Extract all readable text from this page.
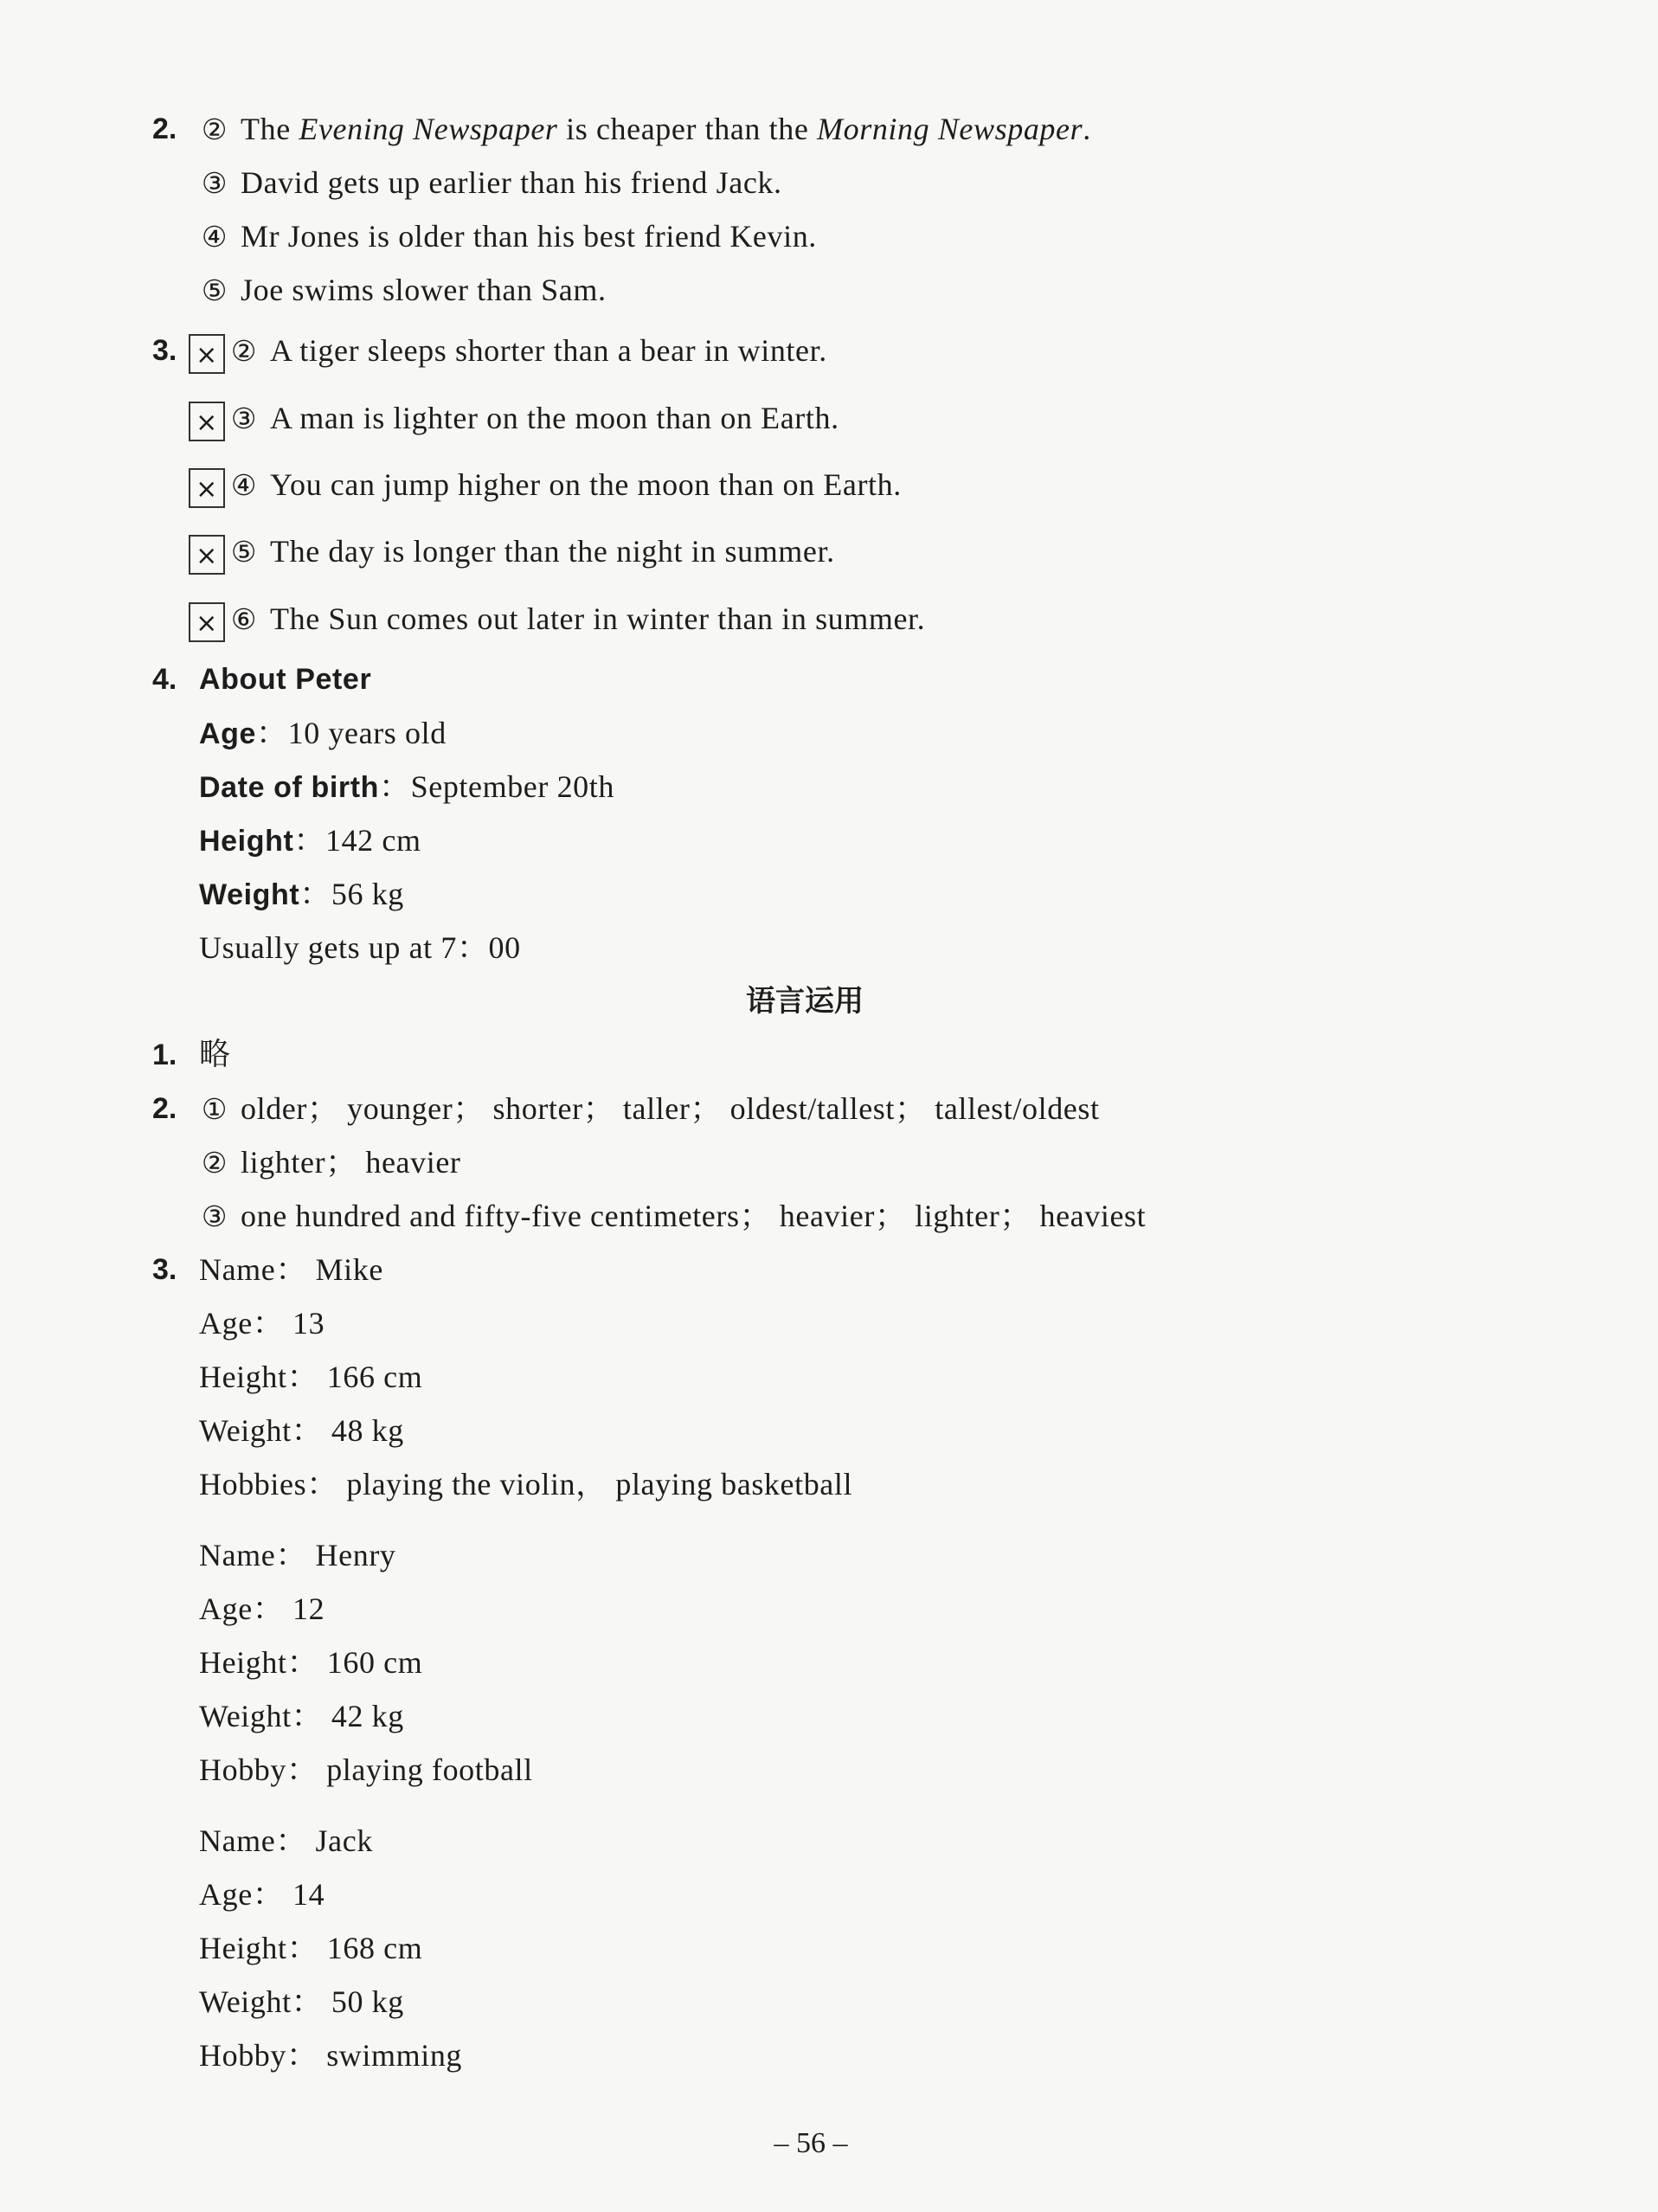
2. ② The Evening Newspaper is cheaper than the Morning Newspaper.
③ David gets up earlier than his friend Jack.
④ Mr Jones is older than his best friend Kevin.
⑤ Joe swims slower than Sam.
3. × ② A tiger sleeps shorter than a bear in winter.
× ③ A man is lighter on the moon than on Earth.
× ④ You can jump higher on the moon than on Earth.
× ⑤ The day is longer than the night in summer.
× ⑥ The Sun comes out later in winter than in summer.
4. About Peter
Age：10 years old
Date of birth：September 20th
Height：142 cm
Weight：56 kg
Usually gets up at 7：00
语言运用
1. 略
2. ① older； younger； shorter； taller； oldest/tallest； tallest/oldest
② lighter； heavier
③ one hundred and fifty-five centimeters； heavier； lighter； heaviest
3. Name： Mike
Age： 13
Height： 166 cm
Weight： 48 kg
Hobbies： playing the violin， playing basketball
Name： Henry
Age： 12
Height： 160 cm
Weight： 42 kg
Hobby： playing football
Name： Jack
Age： 14
Height： 168 cm
Weight： 50 kg
Hobby： swimming
– 56 –
